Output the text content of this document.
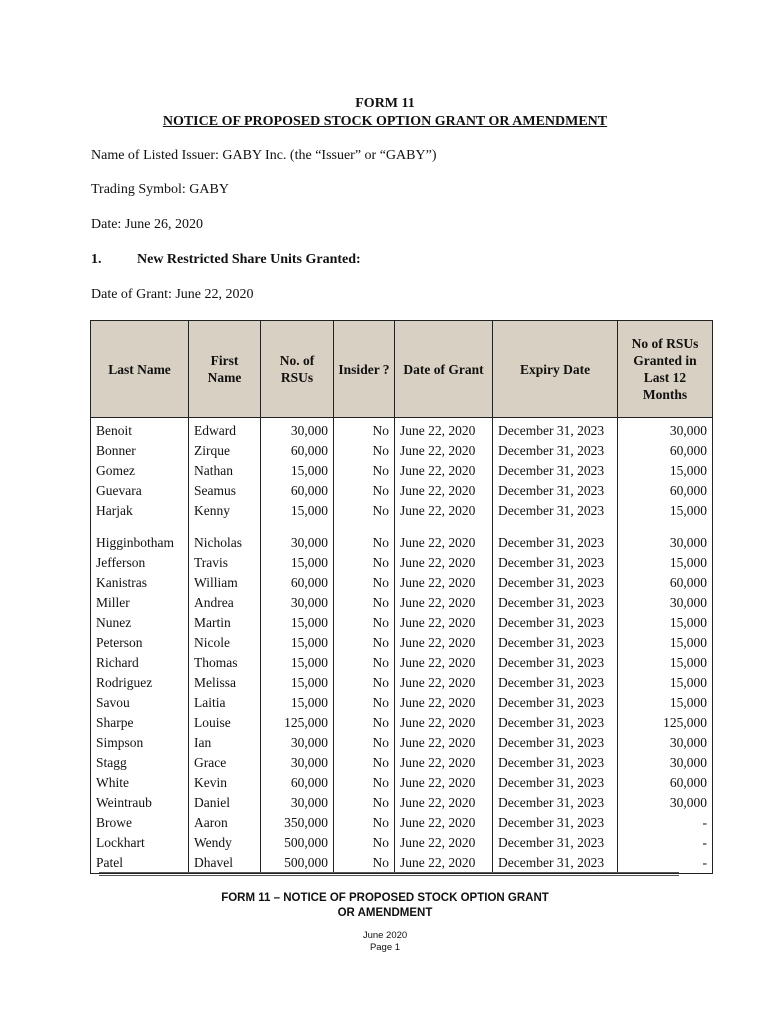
FORM 11
NOTICE OF PROPOSED STOCK OPTION GRANT OR AMENDMENT
Name of Listed Issuer: GABY Inc. (the “Issuer” or “GABY”)
Trading Symbol: GABY
Date: June 26, 2020
1.	New Restricted Share Units Granted:
Date of Grant: June 22, 2020
Last Name	First Name	No. of RSUs	Insider ?	Date of Grant	Expiry Date	No of RSUs Granted in Last 12 Months
Benoit	Edward	30,000	No	June 22, 2020	December 31, 2023	30,000
Bonner	Zirque	60,000	No	June 22, 2020	December 31, 2023	60,000
Gomez	Nathan	15,000	No	June 22, 2020	December 31, 2023	15,000
Guevara	Seamus	60,000	No	June 22, 2020	December 31, 2023	60,000
Harjak	Kenny	15,000	No	June 22, 2020	December 31, 2023	15,000

Higginbotham	Nicholas	30,000	No	June 22, 2020	December 31, 2023	30,000
Jefferson	Travis	15,000	No	June 22, 2020	December 31, 2023	15,000
Kanistras	William	60,000	No	June 22, 2020	December 31, 2023	60,000
Miller	Andrea	30,000	No	June 22, 2020	December 31, 2023	30,000
Nunez	Martin	15,000	No	June 22, 2020	December 31, 2023	15,000
Peterson	Nicole	15,000	No	June 22, 2020	December 31, 2023	15,000
Richard	Thomas	15,000	No	June 22, 2020	December 31, 2023	15,000
Rodriguez	Melissa	15,000	No	June 22, 2020	December 31, 2023	15,000
Savou	Laitia	15,000	No	June 22, 2020	December 31, 2023	15,000
Sharpe	Louise	125,000	No	June 22, 2020	December 31, 2023	125,000
Simpson	Ian	30,000	No	June 22, 2020	December 31, 2023	30,000
Stagg	Grace	30,000	No	June 22, 2020	December 31, 2023	30,000
White	Kevin	60,000	No	June 22, 2020	December 31, 2023	60,000
Weintraub	Daniel	30,000	No	June 22, 2020	December 31, 2023	30,000
Browe	Aaron	350,000	No	June 22, 2020	December 31, 2023	-
Lockhart	Wendy	500,000	No	June 22, 2020	December 31, 2023	-
Patel	Dhavel	500,000	No	June 22, 2020	December 31, 2023	-
FORM 11 – NOTICE OF PROPOSED STOCK OPTION GRANT
OR AMENDMENT
June 2020
Page 1
